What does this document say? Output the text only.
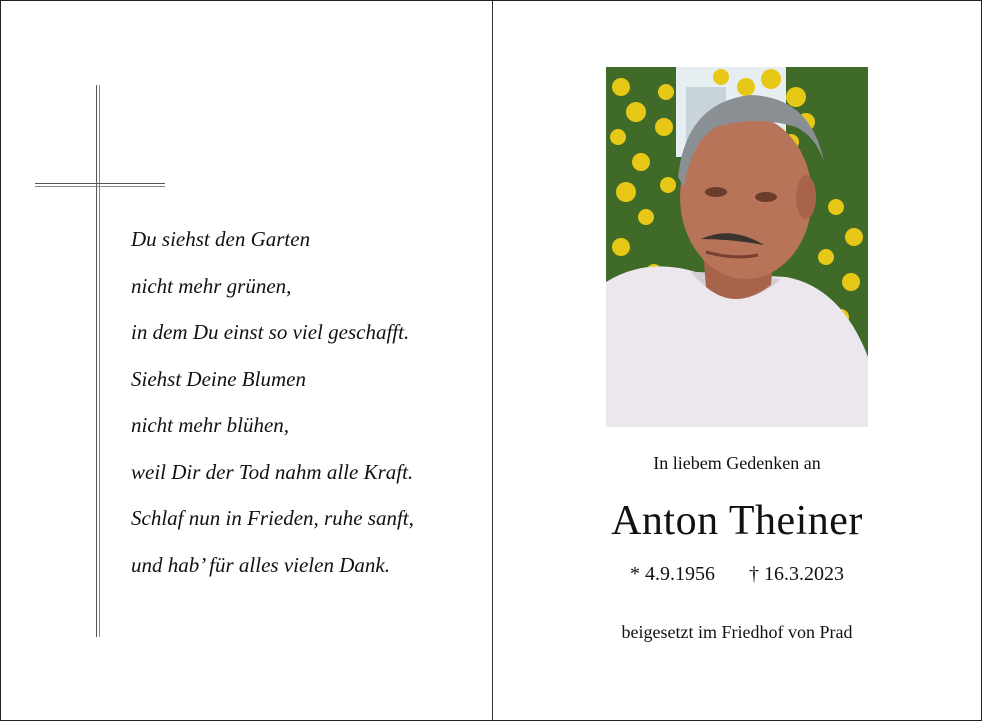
Du siehst den Garten
nicht mehr grünen,
in dem Du einst so viel geschafft.
Siehst Deine Blumen
nicht mehr blühen,
weil Dir der Tod nahm alle Kraft.
Schlaf nun in Frieden, ruhe sanft,
und hab’ für alles vielen Dank.
In liebem Gedenken an
Anton Theiner
* 4.9.1956 † 16.3.2023
beigesetzt im Friedhof von Prad
